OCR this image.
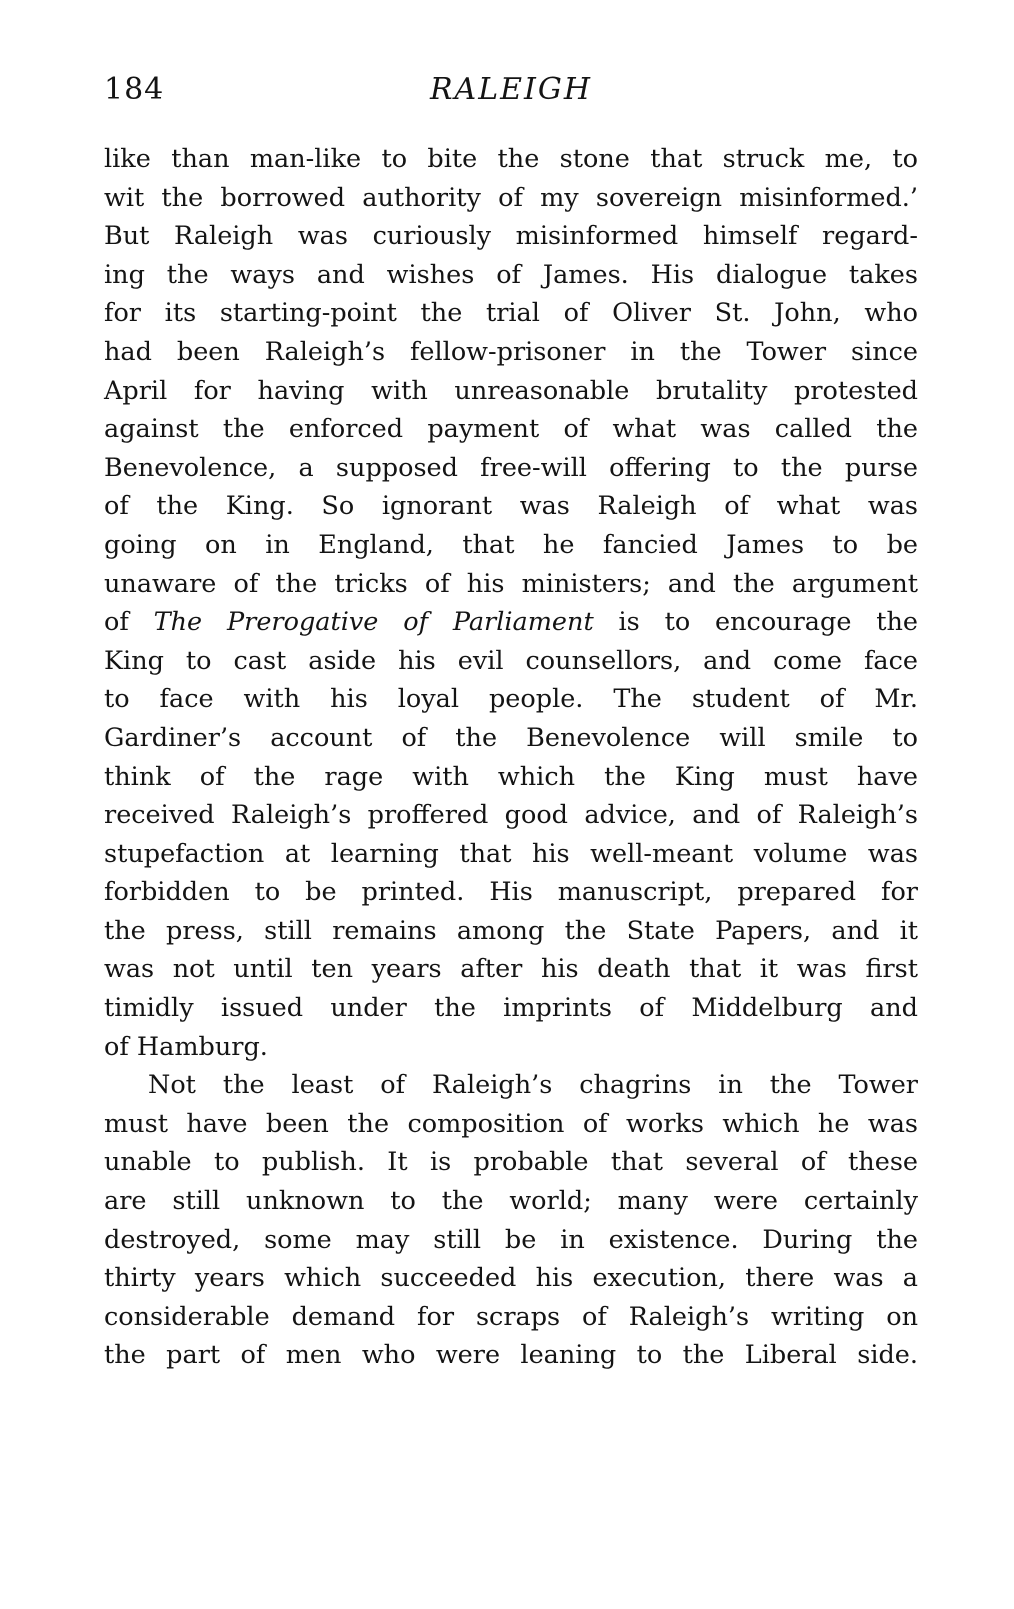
184	RALEIGH
like than man-like to bite the stone that struck me, to
wit the borrowed authority of my sovereign misinformed.’
But Raleigh was curiously misinformed himself regard-
ing the ways and wishes of James. His dialogue takes
for its starting-point the trial of Oliver St. John, who
had been Raleigh’s fellow-prisoner in the Tower since
April for having with unreasonable brutality protested
against the enforced payment of what was called the
Benevolence, a supposed free-will offering to the purse
of the King. So ignorant was Raleigh of what was
going on in England, that he fancied James to be
unaware of the tricks of his ministers; and the argument
of The Prerogative of Parliament is to encourage the
King to cast aside his evil counsellors, and come face
to face with his loyal people. The student of Mr.
Gardiner’s account of the Benevolence will smile to
think of the rage with which the King must have
received Raleigh’s proffered good advice, and of Raleigh’s
stupefaction at learning that his well-meant volume was
forbidden to be printed. His manuscript, prepared for
the press, still remains among the State Papers, and it
was not until ten years after his death that it was first
timidly issued under the imprints of Middelburg and
of Hamburg.
Not the least of Raleigh’s chagrins in the Tower
must have been the composition of works which he was
unable to publish. It is probable that several of these
are still unknown to the world; many were certainly
destroyed, some may still be in existence. During the
thirty years which succeeded his execution, there was a
considerable demand for scraps of Raleigh’s writing on
the part of men who were leaning to the Liberal side.
